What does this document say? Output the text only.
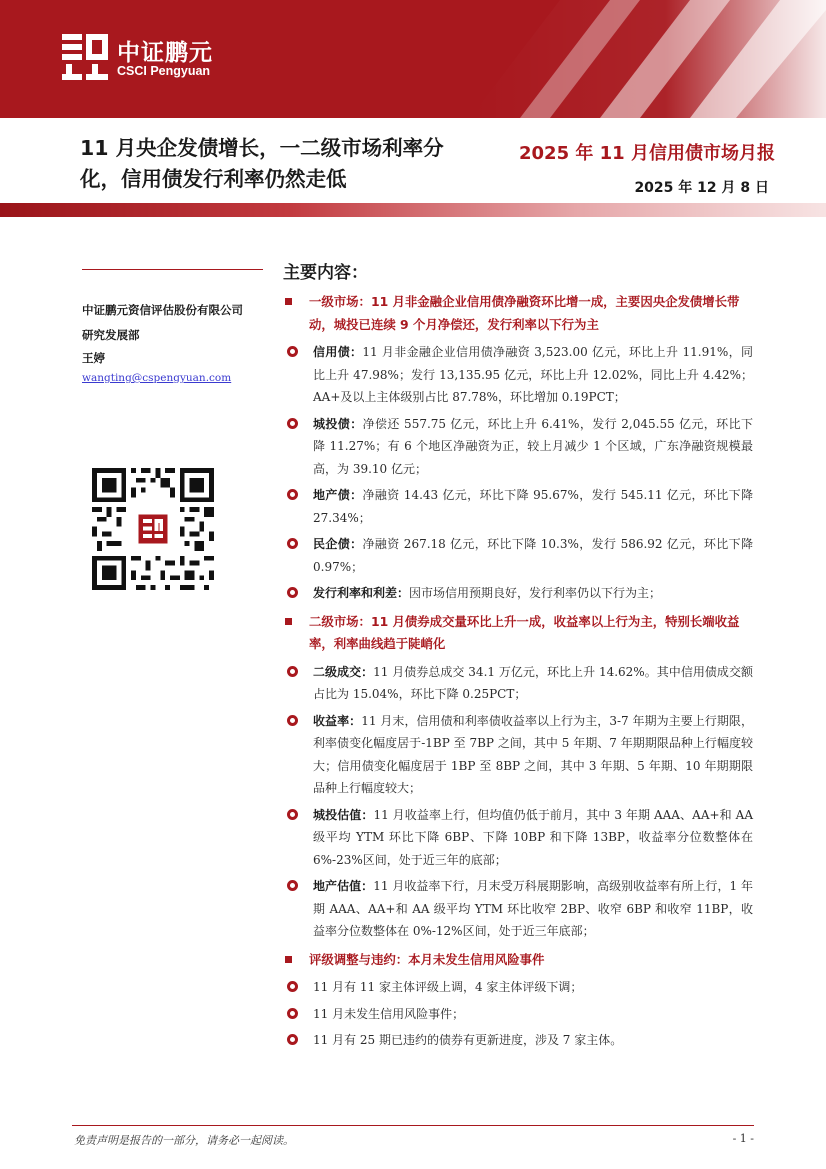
中证鹏元
CSCI Pengyuan
11 月央企发债增长，一二级市场利率分
化，信用债发行利率仍然走低
2025 年 11 月信用债市场月报
2025 年 12 月 8 日
中证鹏元资信评估股份有限公司
研究发展部
王婷
wangting@cspengyuan.com
主要内容：
一级市场：11 月非金融企业信用债净融资环比增一成，主要因央企发债增长带动，城投已连续 9 个月净偿还，发行利率以下行为主
信用债：11 月非金融企业信用债净融资 3,523.00 亿元，环比上升 11.91%，同比上升 47.98%；发行 13,135.95 亿元，环比上升 12.02%，同比上升 4.42%；AA+及以上主体级别占比 87.78%，环比增加 0.19PCT；
城投债：净偿还 557.75 亿元，环比上升 6.41%，发行 2,045.55 亿元，环比下降 11.27%；有 6 个地区净融资为正，较上月减少 1 个区域，广东净融资规模最高，为 39.10 亿元；
地产债：净融资 14.43 亿元，环比下降 95.67%，发行 545.11 亿元，环比下降 27.34%；
民企债：净融资 267.18 亿元，环比下降 10.3%，发行 586.92 亿元，环比下降 0.97%；
发行利率和利差：因市场信用预期良好，发行利率仍以下行为主；
二级市场：11 月债券成交量环比上升一成，收益率以上行为主，特别长端收益率，利率曲线趋于陡峭化
二级成交：11 月债券总成交 34.1 万亿元，环比上升 14.62%。其中信用债成交额占比为 15.04%，环比下降 0.25PCT；
收益率：11 月末，信用债和利率债收益率以上行为主，3-7 年期为主要上行期限，利率债变化幅度居于-1BP 至 7BP 之间，其中 5 年期、7 年期期限品种上行幅度较大；信用债变化幅度居于 1BP 至 8BP 之间，其中 3 年期、5 年期、10 年期期限品种上行幅度较大；
城投估值：11 月收益率上行，但均值仍低于前月，其中 3 年期 AAA、AA+和 AA 级平均 YTM 环比下降 6BP、下降 10BP 和下降 13BP，收益率分位数整体在 6%-23%区间，处于近三年的底部；
地产估值：11 月收益率下行，月末受万科展期影响，高级别收益率有所上行，1 年期 AAA、AA+和 AA 级平均 YTM 环比收窄 2BP、收窄 6BP 和收窄 11BP，收益率分位数整体在 0%-12%区间，处于近三年底部；
评级调整与违约：本月未发生信用风险事件
11 月有 11 家主体评级上调，4 家主体评级下调；
11 月未发生信用风险事件；
11 月有 25 期已违约的债券有更新进度，涉及 7 家主体。
免责声明是报告的一部分，请务必一起阅读。	- 1 -
